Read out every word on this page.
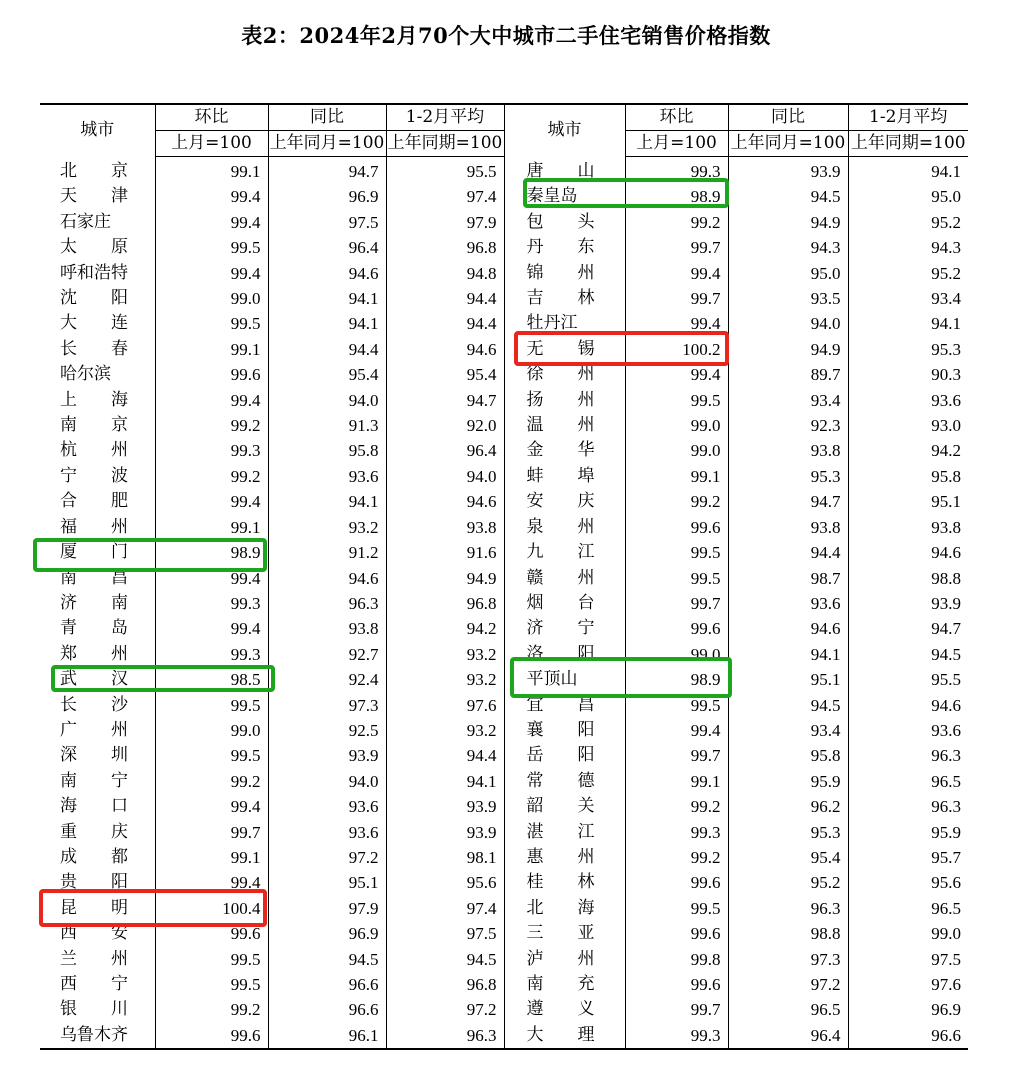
表2：2024年2月70个大中城市二手住宅销售价格指数
城市	环比	同比	1-2月平均	城市	环比	同比	1-2月平均
	上月=100	上年同月=100	上年同期=100		上月=100	上年同月=100	上年同期=100
北　　京	99.1	94.7	95.5	唐　　山	99.3	93.9	94.1
天　　津	99.4	96.9	97.4	秦皇岛	98.9	94.5	95.0
石家庄	99.4	97.5	97.9	包　　头	99.2	94.9	95.2
太　　原	99.5	96.4	96.8	丹　　东	99.7	94.3	94.3
呼和浩特	99.4	94.6	94.8	锦　　州	99.4	95.0	95.2
沈　　阳	99.0	94.1	94.4	吉　　林	99.7	93.5	93.4
大　　连	99.5	94.1	94.4	牡丹江	99.4	94.0	94.1
长　　春	99.1	94.4	94.6	无　　锡	100.2	94.9	95.3
哈尔滨	99.6	95.4	95.4	徐　　州	99.4	89.7	90.3
上　　海	99.4	94.0	94.7	扬　　州	99.5	93.4	93.6
南　　京	99.2	91.3	92.0	温　　州	99.0	92.3	93.0
杭　　州	99.3	95.8	96.4	金　　华	99.0	93.8	94.2
宁　　波	99.2	93.6	94.0	蚌　　埠	99.1	95.3	95.8
合　　肥	99.4	94.1	94.6	安　　庆	99.2	94.7	95.1
福　　州	99.1	93.2	93.8	泉　　州	99.6	93.8	93.8
厦　　门	98.9	91.2	91.6	九　　江	99.5	94.4	94.6
南　　昌	99.4	94.6	94.9	赣　　州	99.5	98.7	98.8
济　　南	99.3	96.3	96.8	烟　　台	99.7	93.6	93.9
青　　岛	99.4	93.8	94.2	济　　宁	99.6	94.6	94.7
郑　　州	99.3	92.7	93.2	洛　　阳	99.0	94.1	94.5
武　　汉	98.5	92.4	93.2	平顶山	98.9	95.1	95.5
长　　沙	99.5	97.3	97.6	宜　　昌	99.5	94.5	94.6
广　　州	99.0	92.5	93.2	襄　　阳	99.4	93.4	93.6
深　　圳	99.5	93.9	94.4	岳　　阳	99.7	95.8	96.3
南　　宁	99.2	94.0	94.1	常　　德	99.1	95.9	96.5
海　　口	99.4	93.6	93.9	韶　　关	99.2	96.2	96.3
重　　庆	99.7	93.6	93.9	湛　　江	99.3	95.3	95.9
成　　都	99.1	97.2	98.1	惠　　州	99.2	95.4	95.7
贵　　阳	99.4	95.1	95.6	桂　　林	99.6	95.2	95.6
昆　　明	100.4	97.9	97.4	北　　海	99.5	96.3	96.5
西　　安	99.6	96.9	97.5	三　　亚	99.6	98.8	99.0
兰　　州	99.5	94.5	94.5	泸　　州	99.8	97.3	97.5
西　　宁	99.5	96.6	96.8	南　　充	99.6	97.2	97.6
银　　川	99.2	96.6	97.2	遵　　义	99.7	96.5	96.9
乌鲁木齐	99.6	96.1	96.3	大　　理	99.3	96.4	96.6
